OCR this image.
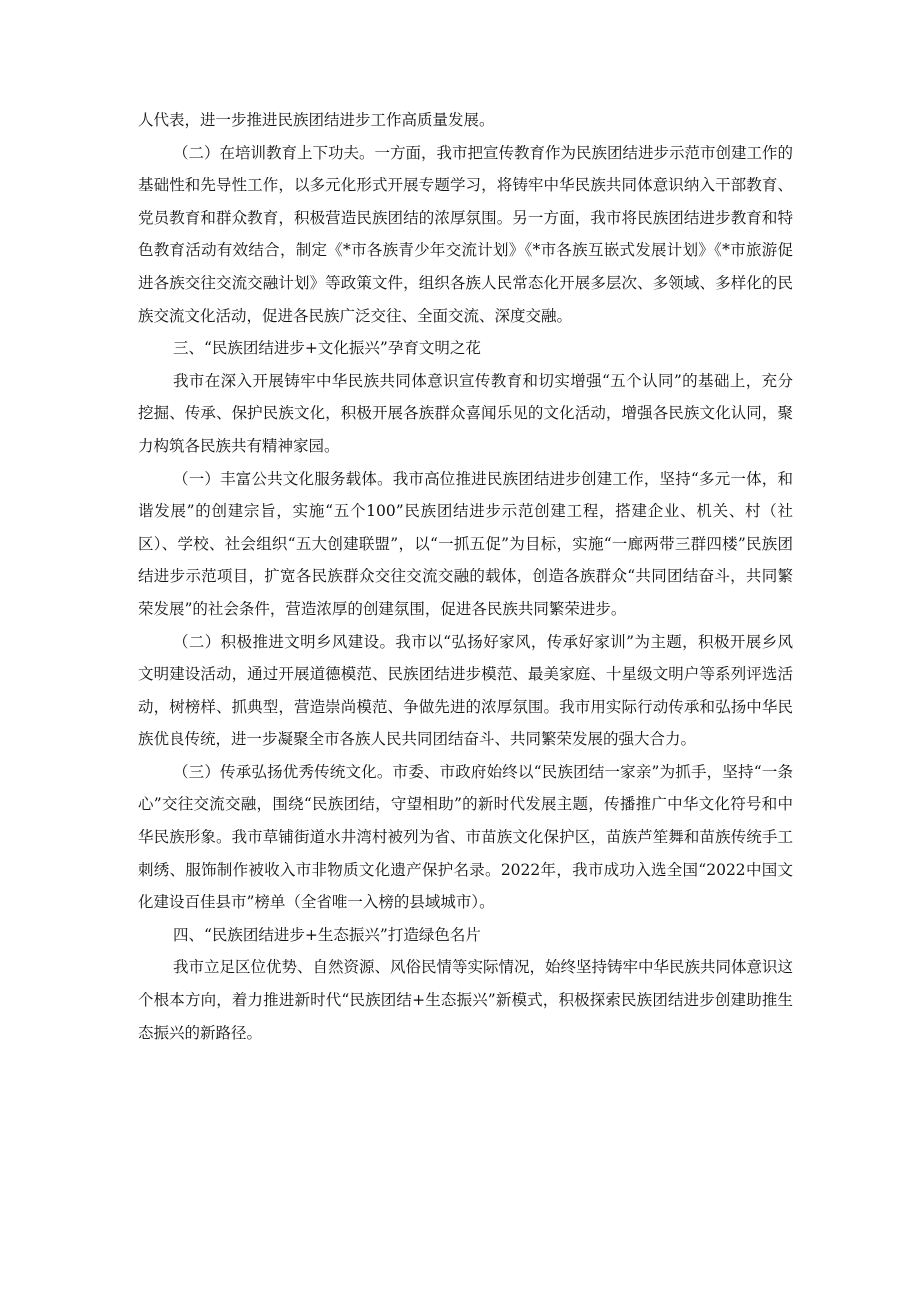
人代表，进一步推进民族团结进步工作高质量发展。

（二）在培训教育上下功夫。一方面，我市把宣传教育作为民族团结进步示范市创建工作的基础性和先导性工作，以多元化形式开展专题学习，将铸牢中华民族共同体意识纳入干部教育、党员教育和群众教育，积极营造民族团结的浓厚氛围。另一方面，我市将民族团结进步教育和特色教育活动有效结合，制定《*市各族青少年交流计划》《*市各族互嵌式发展计划》《*市旅游促进各族交往交流交融计划》等政策文件，组织各族人民常态化开展多层次、多领域、多样化的民族交流文化活动，促进各民族广泛交往、全面交流、深度交融。

三、“民族团结进步+文化振兴”孕育文明之花

我市在深入开展铸牢中华民族共同体意识宣传教育和切实增强“五个认同”的基础上，充分挖掘、传承、保护民族文化，积极开展各族群众喜闻乐见的文化活动，增强各民族文化认同，聚力构筑各民族共有精神家园。

（一）丰富公共文化服务载体。我市高位推进民族团结进步创建工作，坚持“多元一体，和谐发展”的创建宗旨，实施“五个100”民族团结进步示范创建工程，搭建企业、机关、村（社区）、学校、社会组织“五大创建联盟”，以“一抓五促”为目标，实施“一廊两带三群四楼”民族团结进步示范项目，扩宽各民族群众交往交流交融的载体，创造各族群众“共同团结奋斗，共同繁荣发展”的社会条件，营造浓厚的创建氛围，促进各民族共同繁荣进步。

（二）积极推进文明乡风建设。我市以“弘扬好家风，传承好家训”为主题，积极开展乡风文明建设活动，通过开展道德模范、民族团结进步模范、最美家庭、十星级文明户等系列评选活动，树榜样、抓典型，营造崇尚模范、争做先进的浓厚氛围。我市用实际行动传承和弘扬中华民族优良传统，进一步凝聚全市各族人民共同团结奋斗、共同繁荣发展的强大合力。

（三）传承弘扬优秀传统文化。市委、市政府始终以“民族团结一家亲”为抓手，坚持“一条心”交往交流交融，围绕“民族团结，守望相助”的新时代发展主题，传播推广中华文化符号和中华民族形象。我市草铺街道水井湾村被列为省、市苗族文化保护区，苗族芦笙舞和苗族传统手工刺绣、服饰制作被收入市非物质文化遗产保护名录。2022年，我市成功入选全国“2022中国文化建设百佳县市”榜单（全省唯一入榜的县域城市）。

四、“民族团结进步+生态振兴”打造绿色名片

我市立足区位优势、自然资源、风俗民情等实际情况，始终坚持铸牢中华民族共同体意识这个根本方向，着力推进新时代“民族团结+生态振兴”新模式，积极探索民族团结进步创建助推生态振兴的新路径。
